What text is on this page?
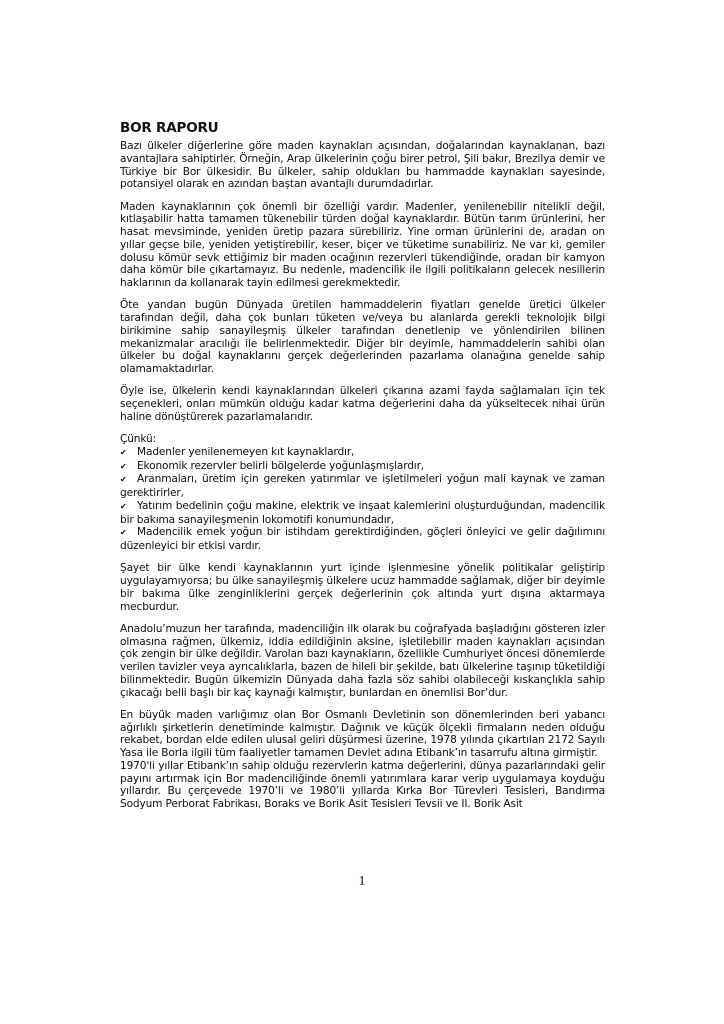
BOR RAPORU

Bazı ülkeler diğerlerine göre maden kaynakları açısından, doğalarından kaynaklanan, bazı avantajlara sahiptirler. Örneğin, Arap ülkelerinin çoğu birer petrol, Şili bakır, Brezilya demir ve Türkiye bir Bor ülkesidir. Bu ülkeler, sahip oldukları bu hammadde kaynakları sayesinde, potansiyel olarak en azından baştan avantajlı durumdadırlar.

Maden kaynaklarının çok önemli bir özelliği vardır. Madenler, yenilenebilir nitelikli değil, kıtlaşabilir hatta tamamen tükenebilir türden doğal kaynaklardır. Bütün tarım ürünlerini, her hasat mevsiminde, yeniden üretip pazara sürebiliriz. Yine orman ürünlerini de, aradan on yıllar geçse bile, yeniden yetiştirebilir, keser, biçer ve tüketime sunabiliriz. Ne var ki, gemiler dolusu kömür sevk ettiğimiz bir maden ocağının rezervleri tükendiğinde, oradan bir kamyon daha kömür bile çıkartamayız. Bu nedenle, madencilik ile ilgili politikaların gelecek nesillerin haklarının da kollanarak tayin edilmesi gerekmektedir.

Öte yandan bugün Dünyada üretilen hammaddelerin fiyatları genelde üretici ülkeler tarafından değil, daha çok bunları tüketen ve/veya bu alanlarda gerekli teknolojik bilgi birikimine sahip sanayileşmiş ülkeler tarafından denetlenip ve yönlendirilen bilinen mekanizmalar aracılığı ile belirlenmektedir. Diğer bir deyimle, hammaddelerin sahibi olan ülkeler bu doğal kaynaklarını gerçek değerlerinden pazarlama olanağına genelde sahip olamamaktadırlar.

Öyle ise, ülkelerin kendi kaynaklarından ülkeleri çıkarına azami fayda sağlamaları için tek seçenekleri, onları mümkün olduğu kadar katma değerlerini daha da yükseltecek nihai ürün haline dönüştürerek pazarlamalarıdır.

Çünkü:
✔ Madenler yenilenemeyen kıt kaynaklardır,
✔ Ekonomik rezervler belirli bölgelerde yoğunlaşmışlardır,
✔ Aranmaları, üretim için gereken yatırımlar ve işletilmeleri yoğun mali kaynak ve zaman gerektirirler,
✔ Yatırım bedelinin çoğu makine, elektrik ve inşaat kalemlerini oluşturduğundan, madencilik bir bakıma sanayileşmenin lokomotifi konumundadır,
✔ Madencilik emek yoğun bir istihdam gerektirdiğinden, göçleri önleyici ve gelir dağılımını düzenleyici bir etkisi vardır.

Şayet bir ülke kendi kaynaklarının yurt içinde işlenmesine yönelik politikalar geliştirip uygulayamıyorsa; bu ülke sanayileşmiş ülkelere ucuz hammadde sağlamak, diğer bir deyimle bir bakıma ülke zenginliklerini gerçek değerlerinin çok altında yurt dışına aktarmaya mecburdur.

Anadolu’muzun her tarafında, madenciliğin ilk olarak bu coğrafyada başladığını gösteren izler olmasına rağmen, ülkemiz, iddia edildiğinin aksine, işletilebilir maden kaynakları açısından çok zengin bir ülke değildir. Varolan bazı kaynakların, özellikle Cumhuriyet öncesi dönemlerde verilen tavizler veya ayrıcalıklarla, bazen de hileli bir şekilde, batı ülkelerine taşınıp tüketildiği bilinmektedir. Bugün ülkemizin Dünyada daha fazla söz sahibi olabileceği kıskançlıkla sahip çıkacağı belli başlı bir kaç kaynağı kalmıştır, bunlardan en önemlisi Bor’dur.

En büyük maden varlığımız olan Bor Osmanlı Devletinin son dönemlerinden beri yabancı ağırlıklı şirketlerin denetiminde kalmıştır. Dağınık ve küçük ölçekli firmaların neden olduğu rekabet, bordan elde edilen ulusal geliri düşürmesi üzerine, 1978 yılında çıkartılan 2172 Sayılı Yasa ile Borla ilgili tüm faaliyetler tamamen Devlet adına Etibank’ın tasarrufu altına girmiştir.

1970'li yıllar Etibank’ın sahip olduğu rezervlerin katma değerlerini, dünya pazarlarındaki gelir payını artırmak için Bor madenciliğinde önemli yatırımlara karar verip uygulamaya koyduğu yıllardır. Bu çerçevede 1970’li ve 1980’li yıllarda Kırka Bor Türevleri Tesisleri, Bandırma Sodyum Perborat Fabrikası, Boraks ve Borik Asit Tesisleri Tevsii ve II. Borik Asit

1
